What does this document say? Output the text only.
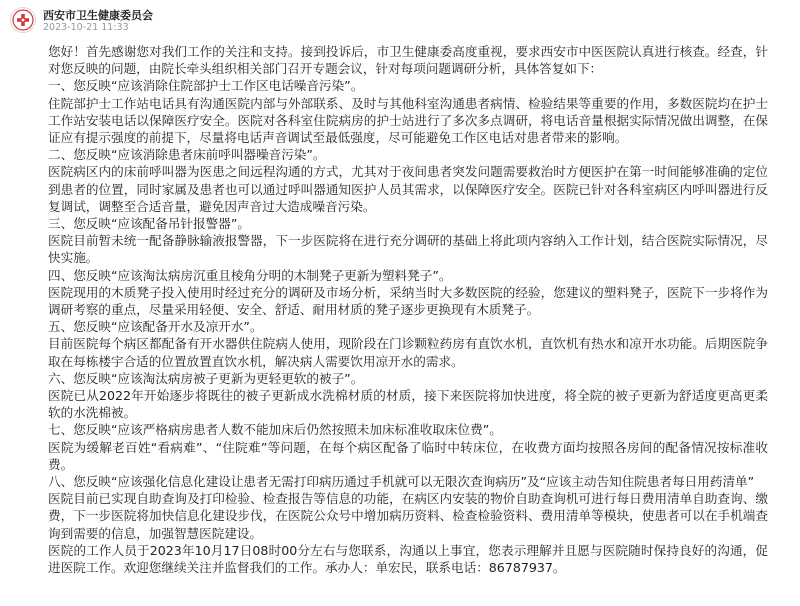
西安市卫生健康委员会
2023-10-21 11:33

您好！首先感谢您对我们工作的关注和支持。接到投诉后，市卫生健康委高度重视，要求西安市中医医院认真进行核查。经查，针对您反映的问题，由院长牵头组织相关部门召开专题会议，针对每项问题调研分析，具体答复如下：

一、您反映“应该消除住院部护士工作区电话噪音污染”。

住院部护士工作站电话具有沟通医院内部与外部联系、及时与其他科室沟通患者病情、检验结果等重要的作用，多数医院均在护士工作站安装电话以保障医疗安全。医院对各科室住院病房的护士站进行了多次多点调研，将电话音量根据实际情况做出调整，在保证应有提示强度的前提下，尽量将电话声音调试至最低强度，尽可能避免工作区电话对患者带来的影响。

二、您反映“应该消除患者床前呼叫器噪音污染”。

医院病区内的床前呼叫器为医患之间远程沟通的方式，尤其对于夜间患者突发问题需要救治时方便医护在第一时间能够准确的定位到患者的位置，同时家属及患者也可以通过呼叫器通知医护人员其需求，以保障医疗安全。医院已针对各科室病区内呼叫器进行反复调试，调整至合适音量，避免因声音过大造成噪音污染。

三、您反映“应该配备吊针报警器”。

医院目前暂未统一配备静脉输液报警器，下一步医院将在进行充分调研的基础上将此项内容纳入工作计划，结合医院实际情况，尽快实施。

四、您反映“应该淘汰病房沉重且棱角分明的木制凳子更新为塑料凳子”。

医院现用的木质凳子投入使用时经过充分的调研及市场分析，采纳当时大多数医院的经验，您建议的塑料凳子，医院下一步将作为调研考察的重点，尽量采用轻便、安全、舒适、耐用材质的凳子逐步更换现有木质凳子。

五、您反映“应该配备开水及凉开水”。

目前医院每个病区都配备有开水器供住院病人使用，现阶段在门诊颗粒药房有直饮水机，直饮机有热水和凉开水功能。后期医院争取在每栋楼宇合适的位置放置直饮水机，解决病人需要饮用凉开水的需求。

六、您反映“应该淘汰病房被子更新为更轻更软的被子”。

医院已从2022年开始逐步将既往的被子更新成水洗棉材质的材质，接下来医院将加快进度，将全院的被子更新为舒适度更高更柔软的水洗棉被。

七、您反映“应该严格病房患者人数不能加床后仍然按照未加床标准收取床位费”。

医院为缓解老百姓“看病难”、“住院难”等问题，在每个病区配备了临时中转床位，在收费方面均按照各房间的配备情况按标准收费。

八、您反映“应该强化信息化建设让患者无需打印病历通过手机就可以无限次查询病历”及“应该主动告知住院患者每日用药清单”

医院目前已实现自助查询及打印检验、检查报告等信息的功能，在病区内安装的物价自助查询机可进行每日费用清单自助查询、缴费，下一步医院将加快信息化建设步伐，在医院公众号中增加病历资料、检查检验资料、费用清单等模块，使患者可以在手机端查询到需要的信息，加强智慧医院建设。

医院的工作人员于2023年10月17日08时00分左右与您联系，沟通以上事宜，您表示理解并且愿与医院随时保持良好的沟通，促进医院工作。欢迎您继续关注并监督我们的工作。承办人：单宏民，联系电话：86787937。
